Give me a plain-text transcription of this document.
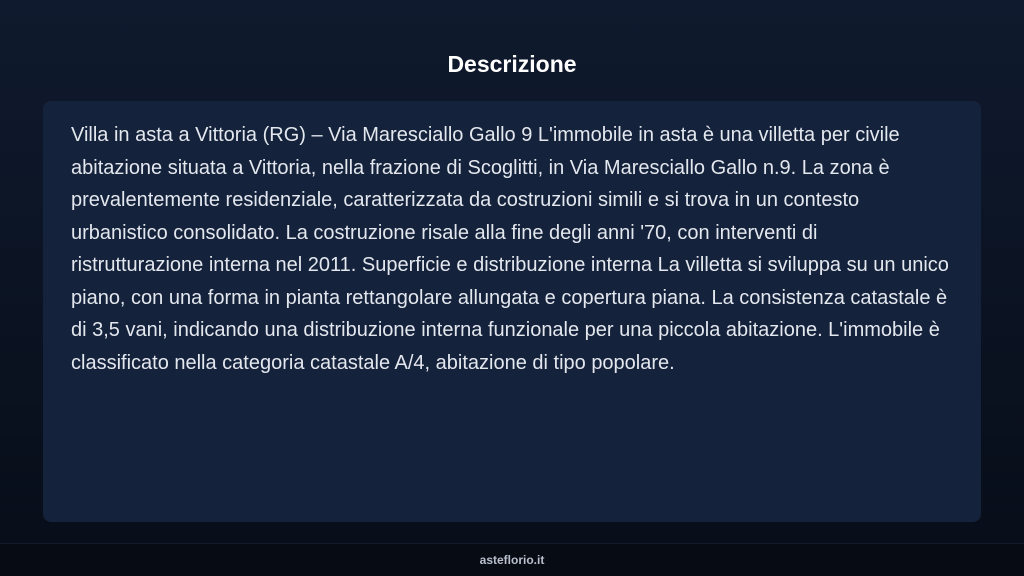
Descrizione

Villa in asta a Vittoria (RG) – Via Maresciallo Gallo 9 L'immobile in asta è una villetta per civile abitazione situata a Vittoria, nella frazione di Scoglitti, in Via Maresciallo Gallo n.9. La zona è prevalentemente residenziale, caratterizzata da costruzioni simili e si trova in un contesto urbanistico consolidato. La costruzione risale alla fine degli anni '70, con interventi di ristrutturazione interna nel 2011. Superficie e distribuzione interna La villetta si sviluppa su un unico piano, con una forma in pianta rettangolare allungata e copertura piana. La consistenza catastale è di 3,5 vani, indicando una distribuzione interna funzionale per una piccola abitazione. L'immobile è classificato nella categoria catastale A/4, abitazione di tipo popolare.

asteflorio.it
